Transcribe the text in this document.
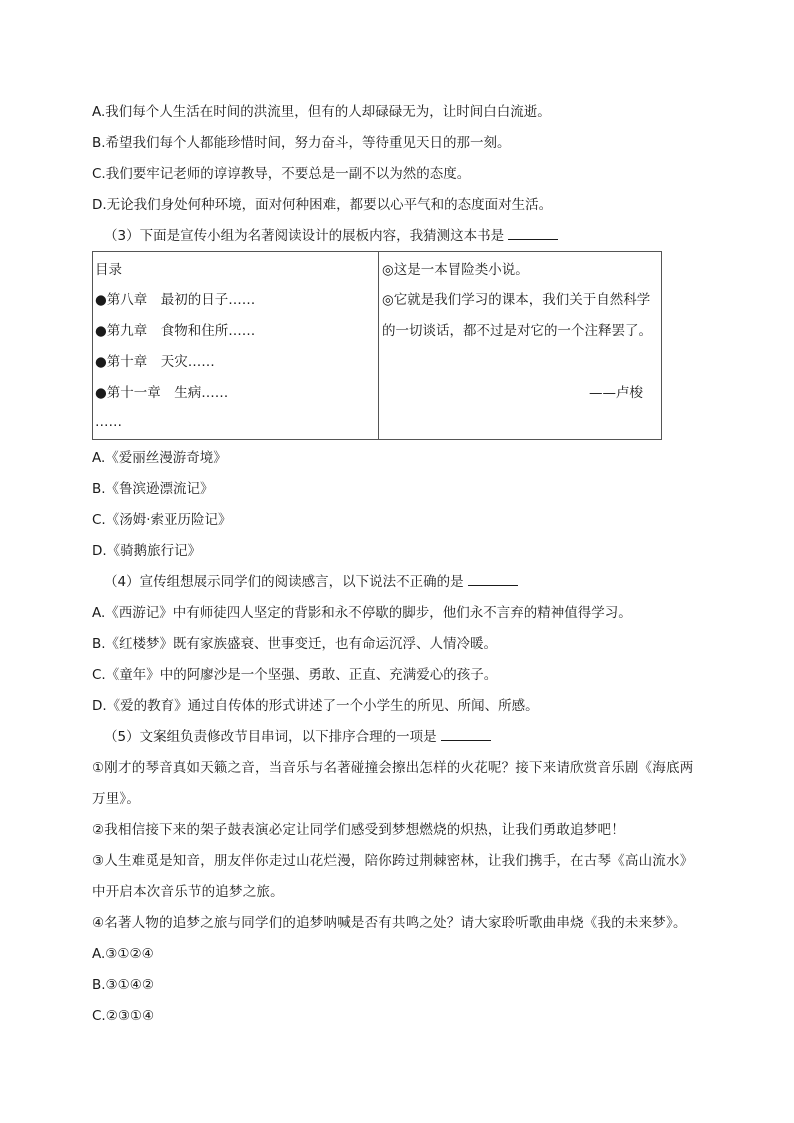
A.我们每个人生活在时间的洪流里，但有的人却碌碌无为，让时间白白流逝。
B.希望我们每个人都能珍惜时间，努力奋斗，等待重见天日的那一刻。
C.我们要牢记老师的谆谆教导，不要总是一副不以为然的态度。
D.无论我们身处何种环境，面对何种困难，都要以心平气和的态度面对生活。
（3）下面是宣传小组为名著阅读设计的展板内容，我猜测这本书是
目录
●第八章　最初的日子……
●第九章　食物和住所……
●第十章　天灾……
●第十一章　生病……
……
◎这是一本冒险类小说。
◎它就是我们学习的课本，我们关于自然科学
的一切谈话，都不过是对它的一个注释罢了。
——卢梭
A.《爱丽丝漫游奇境》
B.《鲁滨逊漂流记》
C.《汤姆·索亚历险记》
D.《骑鹅旅行记》
（4）宣传组想展示同学们的阅读感言，以下说法不正确的是
A.《西游记》中有师徒四人坚定的背影和永不停歇的脚步，他们永不言弃的精神值得学习。
B.《红楼梦》既有家族盛衰、世事变迁，也有命运沉浮、人情冷暖。
C.《童年》中的阿廖沙是一个坚强、勇敢、正直、充满爱心的孩子。
D.《爱的教育》通过自传体的形式讲述了一个小学生的所见、所闻、所感。
（5）文案组负责修改节目串词，以下排序合理的一项是
①刚才的琴音真如天籁之音，当音乐与名著碰撞会擦出怎样的火花呢？接下来请欣赏音乐剧《海底两
万里》。
②我相信接下来的架子鼓表演必定让同学们感受到梦想燃烧的炽热，让我们勇敢追梦吧！
③人生难觅是知音，朋友伴你走过山花烂漫，陪你跨过荆棘密林，让我们携手，在古琴《高山流水》
中开启本次音乐节的追梦之旅。
④名著人物的追梦之旅与同学们的追梦呐喊是否有共鸣之处？请大家聆听歌曲串烧《我的未来梦》。
A.③①②④
B.③①④②
C.②③①④
